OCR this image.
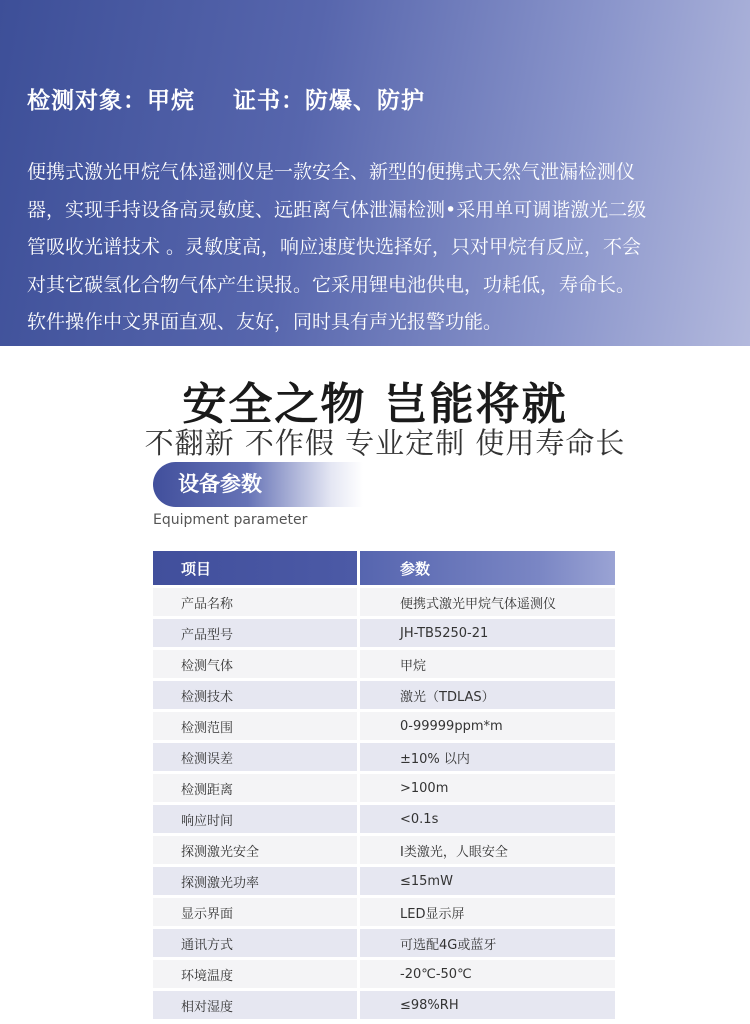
检测对象：甲烷 证书：防爆、防护

便携式激光甲烷气体遥测仪是一款安全、新型的便携式天然气泄漏检测仪
器，实现手持设备高灵敏度、远距离气体泄漏检测•采用单可调谐激光二级
管吸收光谱技术 。灵敏度高，响应速度快选择好，只对甲烷有反应，不会
对其它碳氢化合物气体产生误报。它采用锂电池供电，功耗低，寿命长。
软件操作中文界面直观、友好，同时具有声光报警功能。

安全之物 岂能将就

不翻新 不作假 专业定制 使用寿命长

设备参数

Equipment parameter

项目	参数
产品名称	便携式激光甲烷气体遥测仪
产品型号	JH-TB5250-21
检测气体	甲烷
检测技术	激光（TDLAS）
检测范围	0-99999ppm*m
检测误差	±10% 以内
检测距离	>100m
响应时间	<0.1s
探测激光安全	I类激光，人眼安全
探测激光功率	≤15mW
显示界面	LED显示屏
通讯方式	可选配4G或蓝牙
环境温度	-20℃-50℃
相对湿度	≤98%RH
